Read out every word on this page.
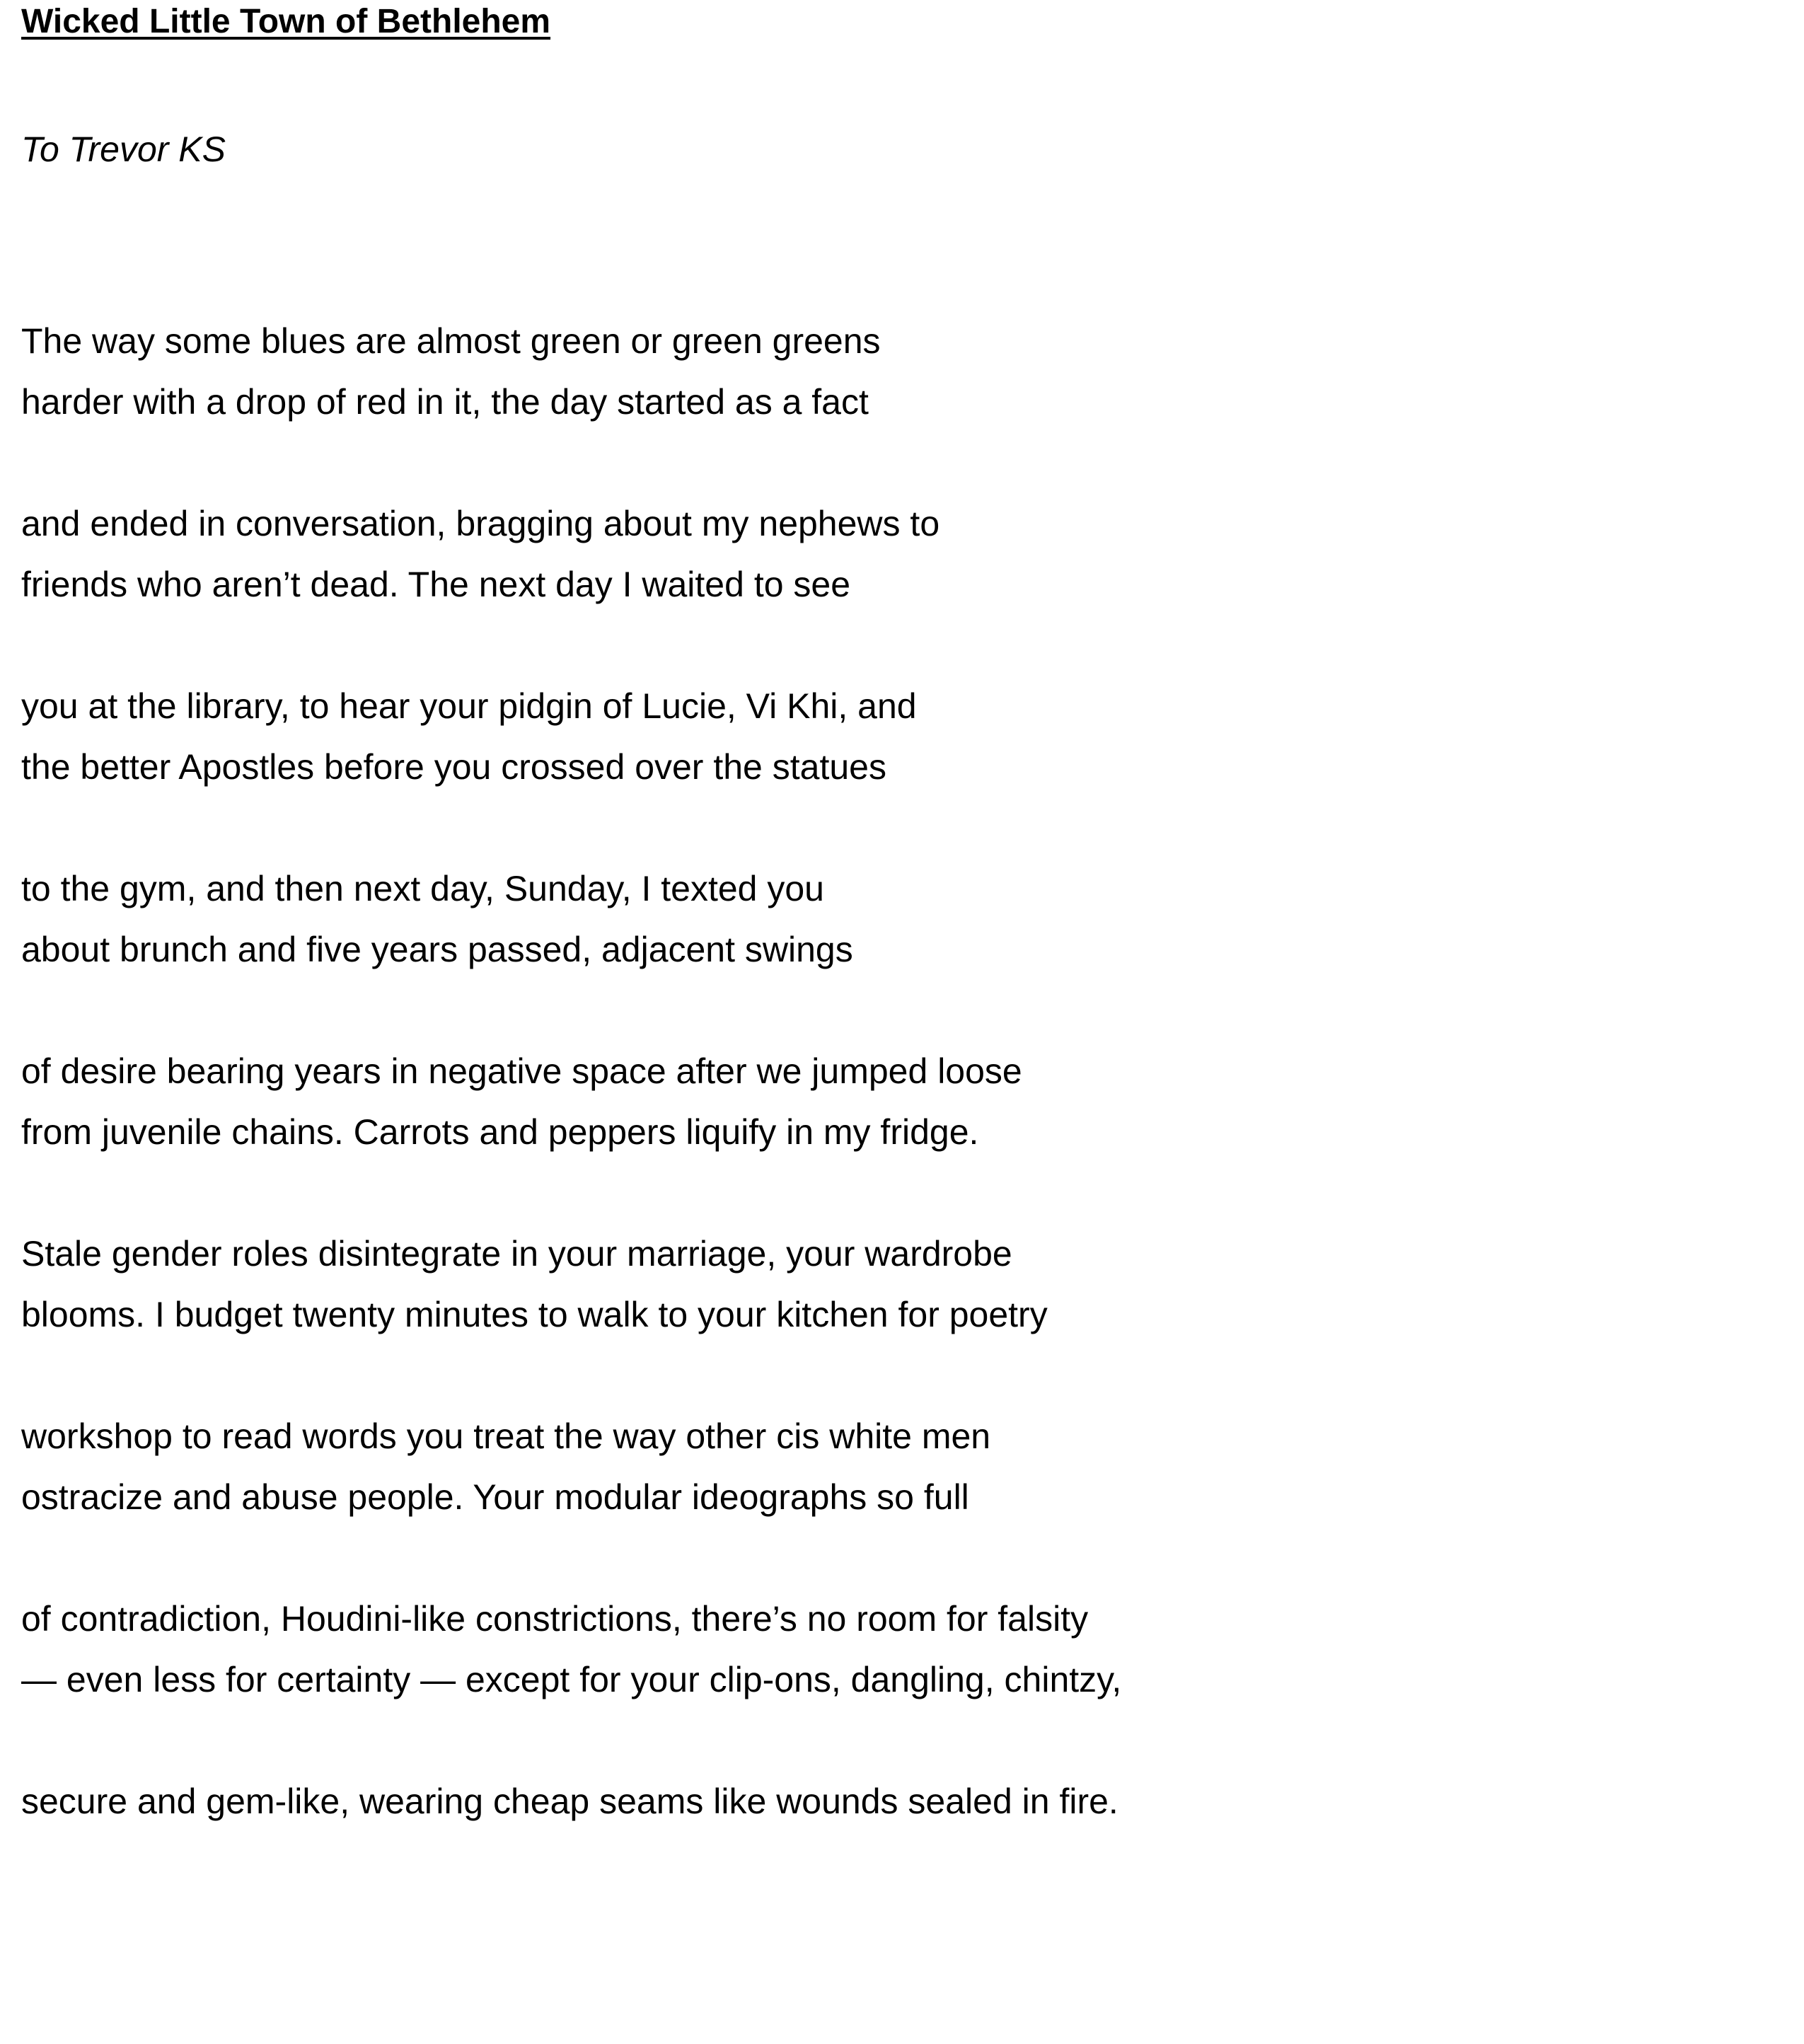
Wicked Little Town of Bethlehem

To Trevor KS

The way some blues are almost green or green greens
harder with a drop of red in it, the day started as a fact
and ended in conversation, bragging about my nephews to
friends who aren’t dead. The next day I waited to see
you at the library, to hear your pidgin of Lucie, Vi Khi, and
the better Apostles before you crossed over the statues
to the gym, and then next day, Sunday, I texted you
about brunch and five years passed, adjacent swings
of desire bearing years in negative space after we jumped loose
from juvenile chains. Carrots and peppers liquify in my fridge.
Stale gender roles disintegrate in your marriage, your wardrobe
blooms. I budget twenty minutes to walk to your kitchen for poetry
workshop to read words you treat the way other cis white men
ostracize and abuse people. Your modular ideographs so full
of contradiction, Houdini-like constrictions, there’s no room for falsity
— even less for certainty — except for your clip-ons, dangling, chintzy,
secure and gem-like, wearing cheap seams like wounds sealed in fire.
